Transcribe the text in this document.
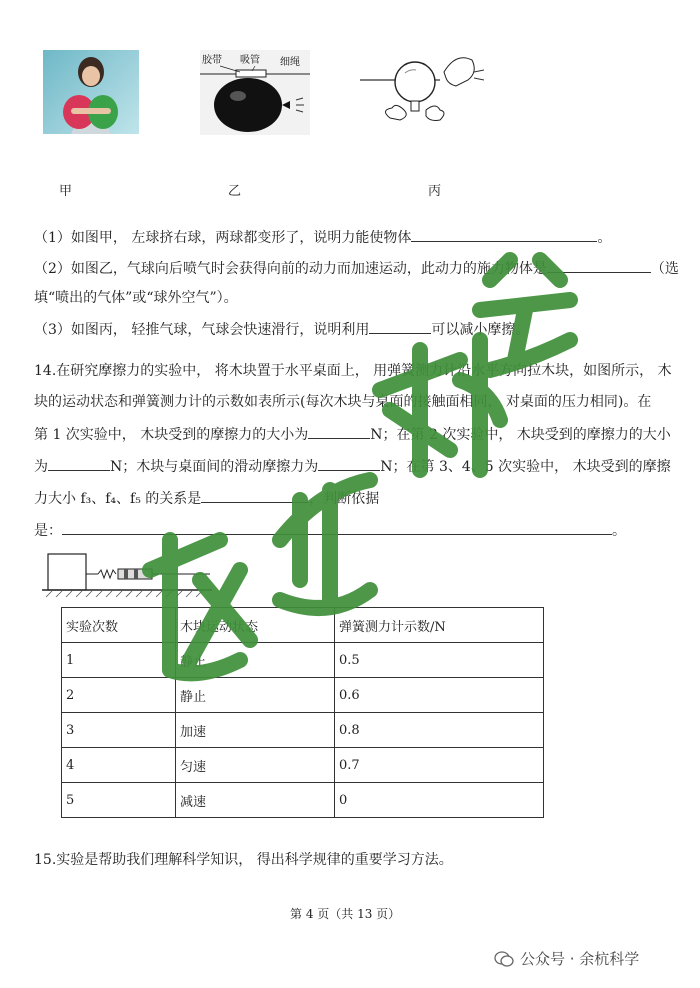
胶带 吸管 细绳
甲	乙	丙
（1）如图甲， 左球挤右球，两球都变形了，说明力能使物体	。
（2）如图乙，气球向后喷气时会获得向前的动力而加速运动，此动力的施力物体是	（选
填“喷出的气体”或“球外空气”）。
（3）如图丙， 轻推气球，气球会快速滑行，说明利用	可以减小摩擦。
14.在研究摩擦力的实验中， 将木块置于水平桌面上， 用弹簧测力计沿水平方向拉木块，如图所示， 木
块的运动状态和弹簧测力计的示数如表所示(每次木块与桌面的接触面相同， 对桌面的压力相同)。在
第 1 次实验中， 木块受到的摩擦力的大小为	N；在第 2 次实验中， 木块受到的摩擦力的大小
为	N；木块与桌面间的滑动摩擦力为	N；在第 3、4、5 次实验中， 木块受到的摩擦
力大小 f₃、f₄、f₅ 的关系是	，判断依据
是：	。
实验次数	木块运动状态	弹簧测力计示数/N
1	静止	0.5
2	静止	0.6
3	加速	0.8
4	匀速	0.7
5	减速	0
15.实验是帮助我们理解科学知识， 得出科学规律的重要学习方法。
第 4 页（共 13 页）
公众号 · 余杭科学
